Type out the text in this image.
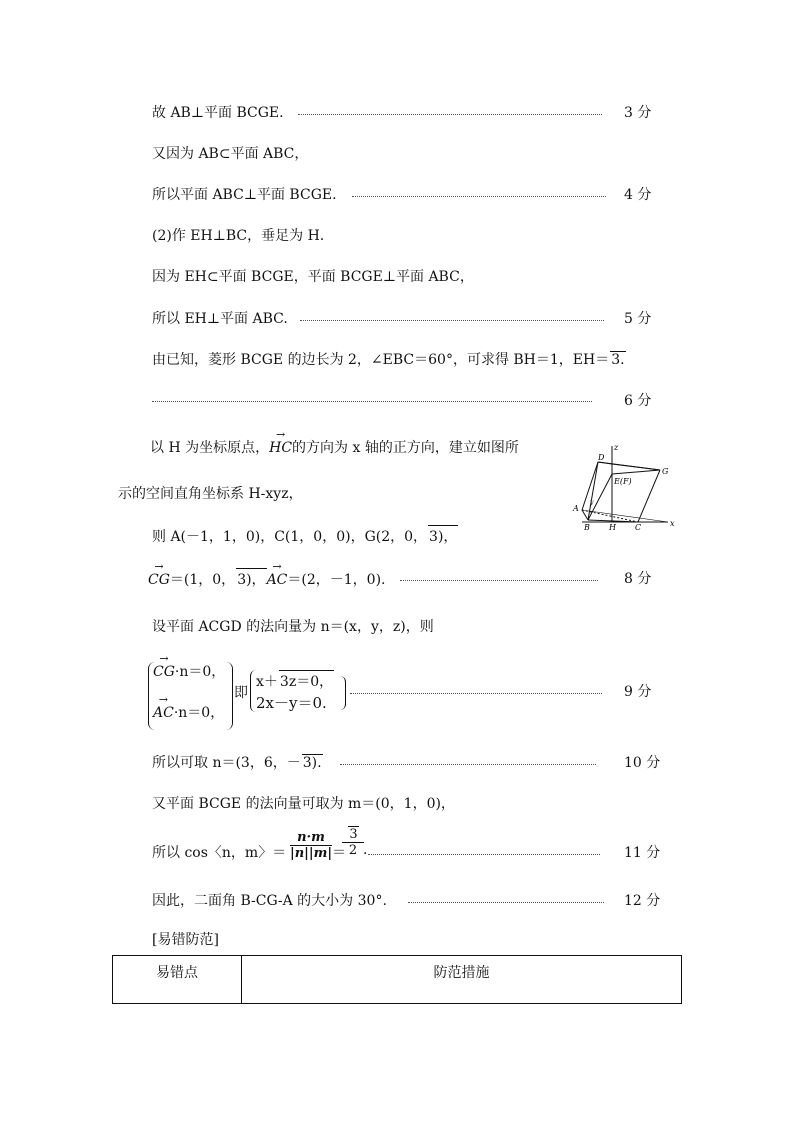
故 AB⊥平面 BCGE.	3 分
又因为 AB⊂平面 ABC，
所以平面 ABC⊥平面 BCGE.	4 分
(2)作 EH⊥BC，垂足为 H.
因为 EH⊂平面 BCGE，平面 BCGE⊥平面 ABC，
所以 EH⊥平面 ABC.	5 分
由已知，菱形 BCGE 的边长为 2，∠EBC＝60°，可求得 BH＝1，EH＝ 3.
6 分
以 H 为坐标原点，→ HC的方向为 x 轴的正方向，建立如图所	z
D
G
E(F)
A
y
B H C	x
示的空间直角坐标系 H-xyz，
则 A(－1，1，0)，C(1，0，0)，G(2，0， 3)，
→ CG＝(1，0， 3)，→ AC＝(2，－1，0).	8 分
设平面 ACGD 的法向量为 n＝(x，y，z)，则
→ CG·n＝0，
→ AC·n＝0，
即
x＋ 3z＝0，
2x－y＝0.
9 分
所以可取 n＝(3，6，－ 3).	10 分
又平面 BCGE 的法向量可取为 m＝(0，1，0)，
所以 cos〈n，m〉＝ $\frac{n\cdot m}{|n||m|}$ ＝
$\frac{3}{2}$ .	11 分
因此，二面角 B-CG-A 的大小为 30°.	12 分
[易错防范]
易错点	防范措施
